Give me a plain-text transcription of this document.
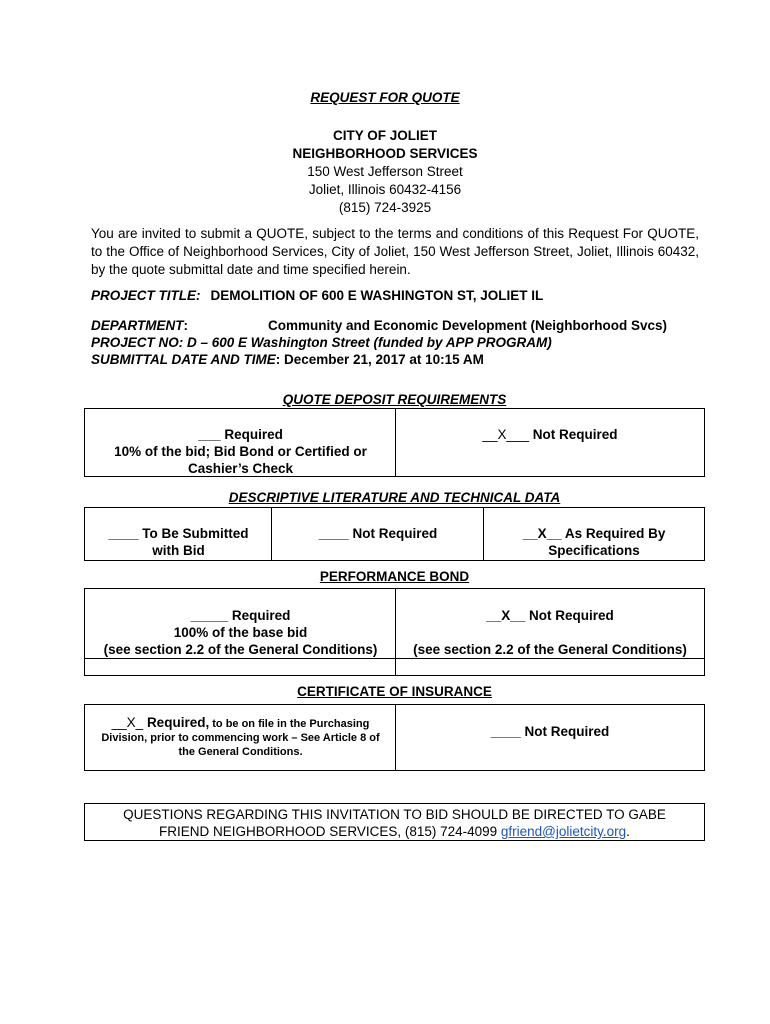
REQUEST FOR QUOTE
CITY OF JOLIET
NEIGHBORHOOD SERVICES
150 West Jefferson Street
Joliet, Illinois 60432-4156
(815) 724-3925
You are invited to submit a QUOTE, subject to the terms and conditions of this Request For QUOTE, to the Office of Neighborhood Services, City of Joliet, 150 West Jefferson Street, Joliet, Illinois 60432, by the quote submittal date and time specified herein.
PROJECT TITLE: DEMOLITION OF 600 E WASHINGTON ST, JOLIET IL
DEPARTMENT:	Community and Economic Development (Neighborhood Svcs)
PROJECT NO: D – 600 E Washington Street (funded by APP PROGRAM)
SUBMITTAL DATE AND TIME: December 21, 2017 at 10:15 AM
QUOTE DEPOSIT REQUIREMENTS
___ Required
10% of the bid; Bid Bond or Certified or
Cashier’s Check
__X___ Not Required
DESCRIPTIVE LITERATURE AND TECHNICAL DATA
____ To Be Submitted
with Bid
____ Not Required	__X__ As Required By
Specifications
PERFORMANCE BOND
_____ Required
100% of the base bid
(see section 2.2 of the General Conditions)
__X__ Not Required
(see section 2.2 of the General Conditions)
CERTIFICATE OF INSURANCE
__X_ Required, to be on file in the Purchasing
Division, prior to commencing work – See Article 8 of
the General Conditions.
____ Not Required
QUESTIONS REGARDING THIS INVITATION TO BID SHOULD BE DIRECTED TO GABE
FRIEND NEIGHBORHOOD SERVICES, (815) 724-4099 gfriend@jolietcity.org.
